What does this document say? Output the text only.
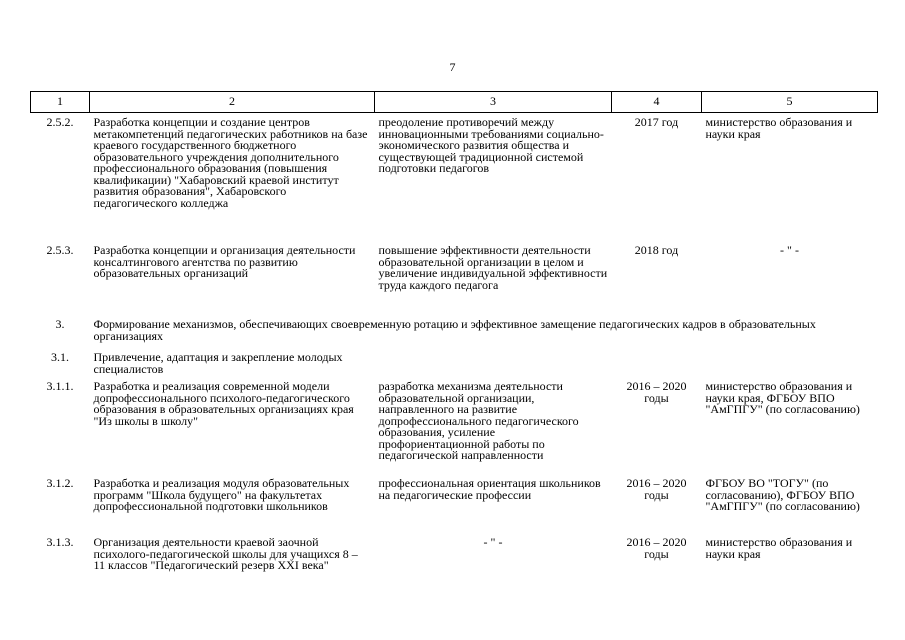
7
1	2	3	4	5
2.5.2.	Разработка концепции и создание центров метакомпетенций педагогических работников на базе краевого государственного бюджетного образовательного учреждения дополнительного профессионального образования (повышения квалификации) "Хабаровский краевой институт развития образования", Хабаровского педагогического колледжа	преодоление противоречий между инновационными требованиями социально-экономического развития общества и существующей традиционной системой подготовки педагогов	2017 год	министерство образования и науки края
2.5.3.	Разработка концепции и организация деятельности консалтингового агентства по развитию образовательных организаций	повышение эффективности деятельности образовательной организации в целом и увеличение индивидуальной эффективности труда каждого педагога	2018 год	- " -
3.	Формирование механизмов, обеспечивающих своевременную ротацию и эффективное замещение педагогических кадров в образовательных организациях			
3.1.	Привлечение, адаптация и закрепление молодых специалистов			
3.1.1.	Разработка и реализация современной модели допрофессионального психолого-педагогического образования в образовательных организациях края "Из школы в школу"	разработка механизма деятельности образовательной организации, направленного на развитие допрофессионального педагогического образования, усиление профориентационной работы по педагогической направленности	2016 – 2020 годы	министерство образования и науки края, ФГБОУ ВПО "АмГПГУ" (по согласованию)
3.1.2.	Разработка и реализация модуля образовательных программ "Школа будущего" на факультетах допрофессиональной подготовки школьников	профессиональная ориентация школьников на педагогические профессии	2016 – 2020 годы	ФГБОУ ВО "ТОГУ" (по согласованию), ФГБОУ ВПО "АмГПГУ" (по согласованию)
3.1.3.	Организация деятельности краевой заочной психолого-педагогической школы для учащихся 8 – 11 классов "Педагогический резерв XXI века"	- " -	2016 – 2020 годы	министерство образования и науки края
